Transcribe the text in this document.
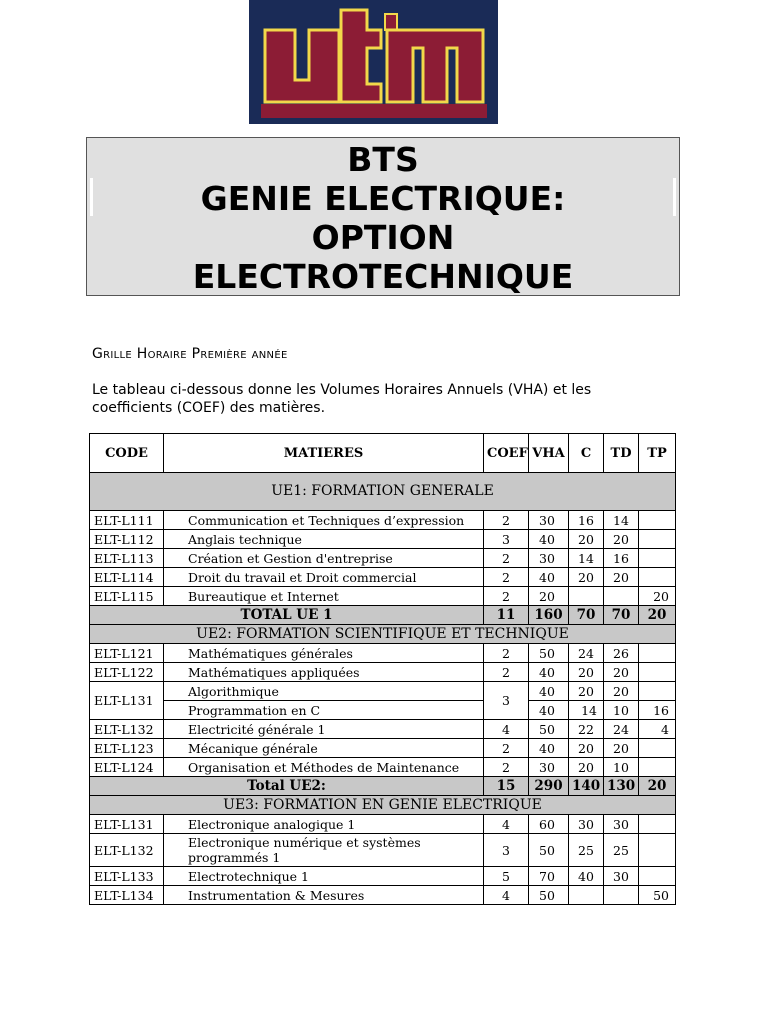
BTS
GENIE ELECTRIQUE:
OPTION
ELECTROTECHNIQUE
Grille Horaire Première année
Le tableau ci-dessous donne les Volumes Horaires Annuels (VHA) et les coefficients (COEF) des matières.
CODE	MATIERES	COEF	VHA	C	TD	TP
UE1: FORMATION GENERALE						
ELT-L111	Communication et Techniques d’expression	2	30	16	14	
ELT-L112	Anglais technique	3	40	20	20	
ELT-L113	Création et Gestion d'entreprise	2	30	14	16	
ELT-L114	Droit du travail et Droit commercial	2	40	20	20	
ELT-L115	Bureautique et Internet	2	20			20
TOTAL UE 1		11	160	70	70	20
UE2: FORMATION SCIENTIFIQUE ET TECHNIQUE						
ELT-L121	Mathématiques générales	2	50	24	26	
ELT-L122	Mathématiques appliquées	2	40	20	20	
ELT-L131	Algorithmique	3	40	20	20	
	Programmation en C		40	14	10	16
ELT-L132	Electricité générale 1	4	50	22	24	4
ELT-L123	Mécanique générale	2	40	20	20	
ELT-L124	Organisation et Méthodes de Maintenance	2	30	20	10	
Total UE2:		15	290	140	130	20
UE3: FORMATION EN GENIE ELECTRIQUE						
ELT-L131	Electronique analogique 1	4	60	30	30	
ELT-L132	Electronique numérique et systèmes programmés 1	3	50	25	25	
ELT-L133	Electrotechnique 1	5	70	40	30	
ELT-L134	Instrumentation & Mesures	4	50			50
